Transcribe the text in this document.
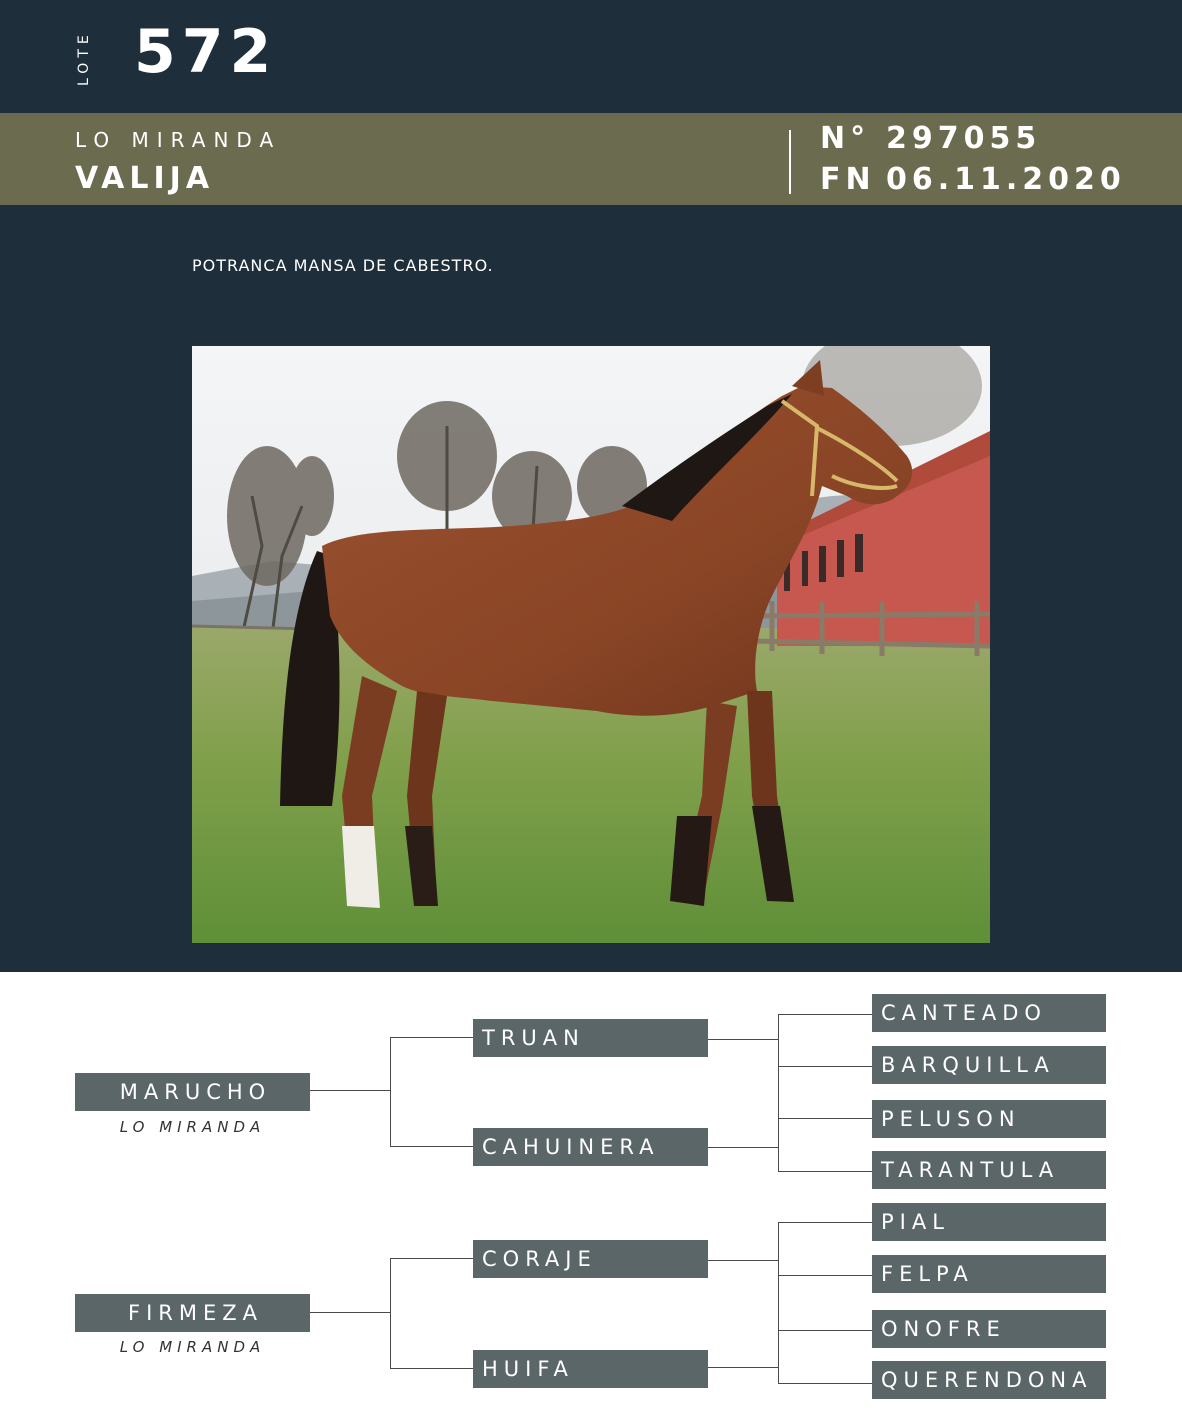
LOTE 572
LO MIRANDA
VALIJA
N° 297055
FN 06.11.2020
POTRANCA MANSA DE CABESTRO.
MARUCHO
LO MIRANDA
FIRMEZA
LO MIRANDA
TRUAN
CAHUINERA
CORAJE
HUIFA
CANTEADO
BARQUILLA
PELUSON
TARANTULA
PIAL
FELPA
ONOFRE
QUERENDONA
